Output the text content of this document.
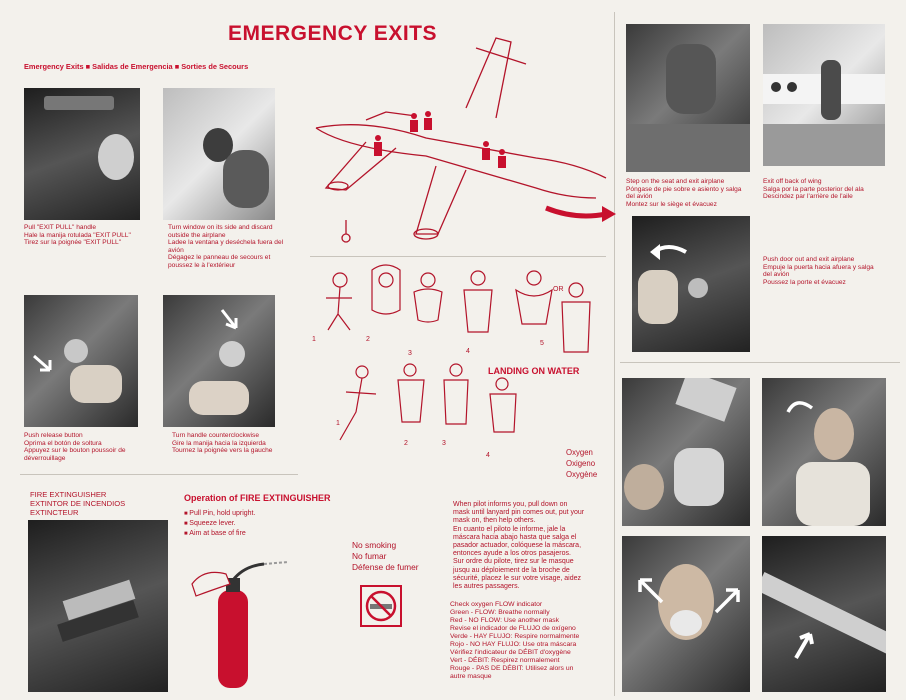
EMERGENCY EXITS
Emergency Exits ■ Salidas de Emergencia ■ Sorties de Secours
Pull "EXIT PULL" handle
Hale la manija rotulada "EXIT PULL"
Tirez sur la poignée "EXIT PULL"
Turn window on its side and discard
outside the airplane
Ladee la ventana y deséchela fuera del
avión
Dégagez le panneau de secours et
poussez le à l'extérieur
Push release button
Oprima el botón de soltura
Appuyez sur le bouton poussoir de
déverrouillage
Turn handle counterclockwise
Gire la manija hacia la izquierda
Tournez la poignée vers la gauche
FIRE EXTINGUISHER
EXTINTOR DE INCENDIOS
EXTINCTEUR
Operation of FIRE EXTINGUISHER
■ Pull Pin, hold upright.
■ Squeeze lever.
■ Aim at base of fire
No smoking
No fumar
Défense de fumer
OR
1	2
3	4
5
LANDING ON WATER
1
2	3
4	Oxygen
Oxigeno
Oxygène
When pilot informs you, pull down on
mask until lanyard pin comes out, put your
mask on, then help others.
En cuanto el piloto le informe, jale la
máscara hacia abajo hasta que salga el
pasador actuador, colóquese la máscara,
entonces ayude a los otros pasajeros.
Sur ordre du pilote, tirez sur le masque
jusqu au déploiement de la broche de
sécurité, placez le sur votre visage, aidez
les autres passagers.
Check oxygen FLOW indicator
Green - FLOW: Breathe normally
Red - NO FLOW: Use another mask
Revise el indicador de FLUJO de oxígeno
Verde - HAY FLUJO: Respire normalmente
Rojo - NO HAY FLUJO: Use otra máscara
Vérifiez l'indicateur de DÉBIT d'oxygène
Vert - DÉBIT: Respirez normalement
Rouge - PAS DE DÉBIT: Utilisez alors un
autre masque
Step on the seat and exit airplane
Póngase de pie sobre e asiento y salga
del avión
Montez sur le siège et évacuez
Exit off back of wing
Salga por la parte posterior del ala
Descindez par l'arrière de l'aile
Push door out and exit airplane
Empuje la puerta hacia afuera y salga
del avión
Poussez la porte et évacuez
